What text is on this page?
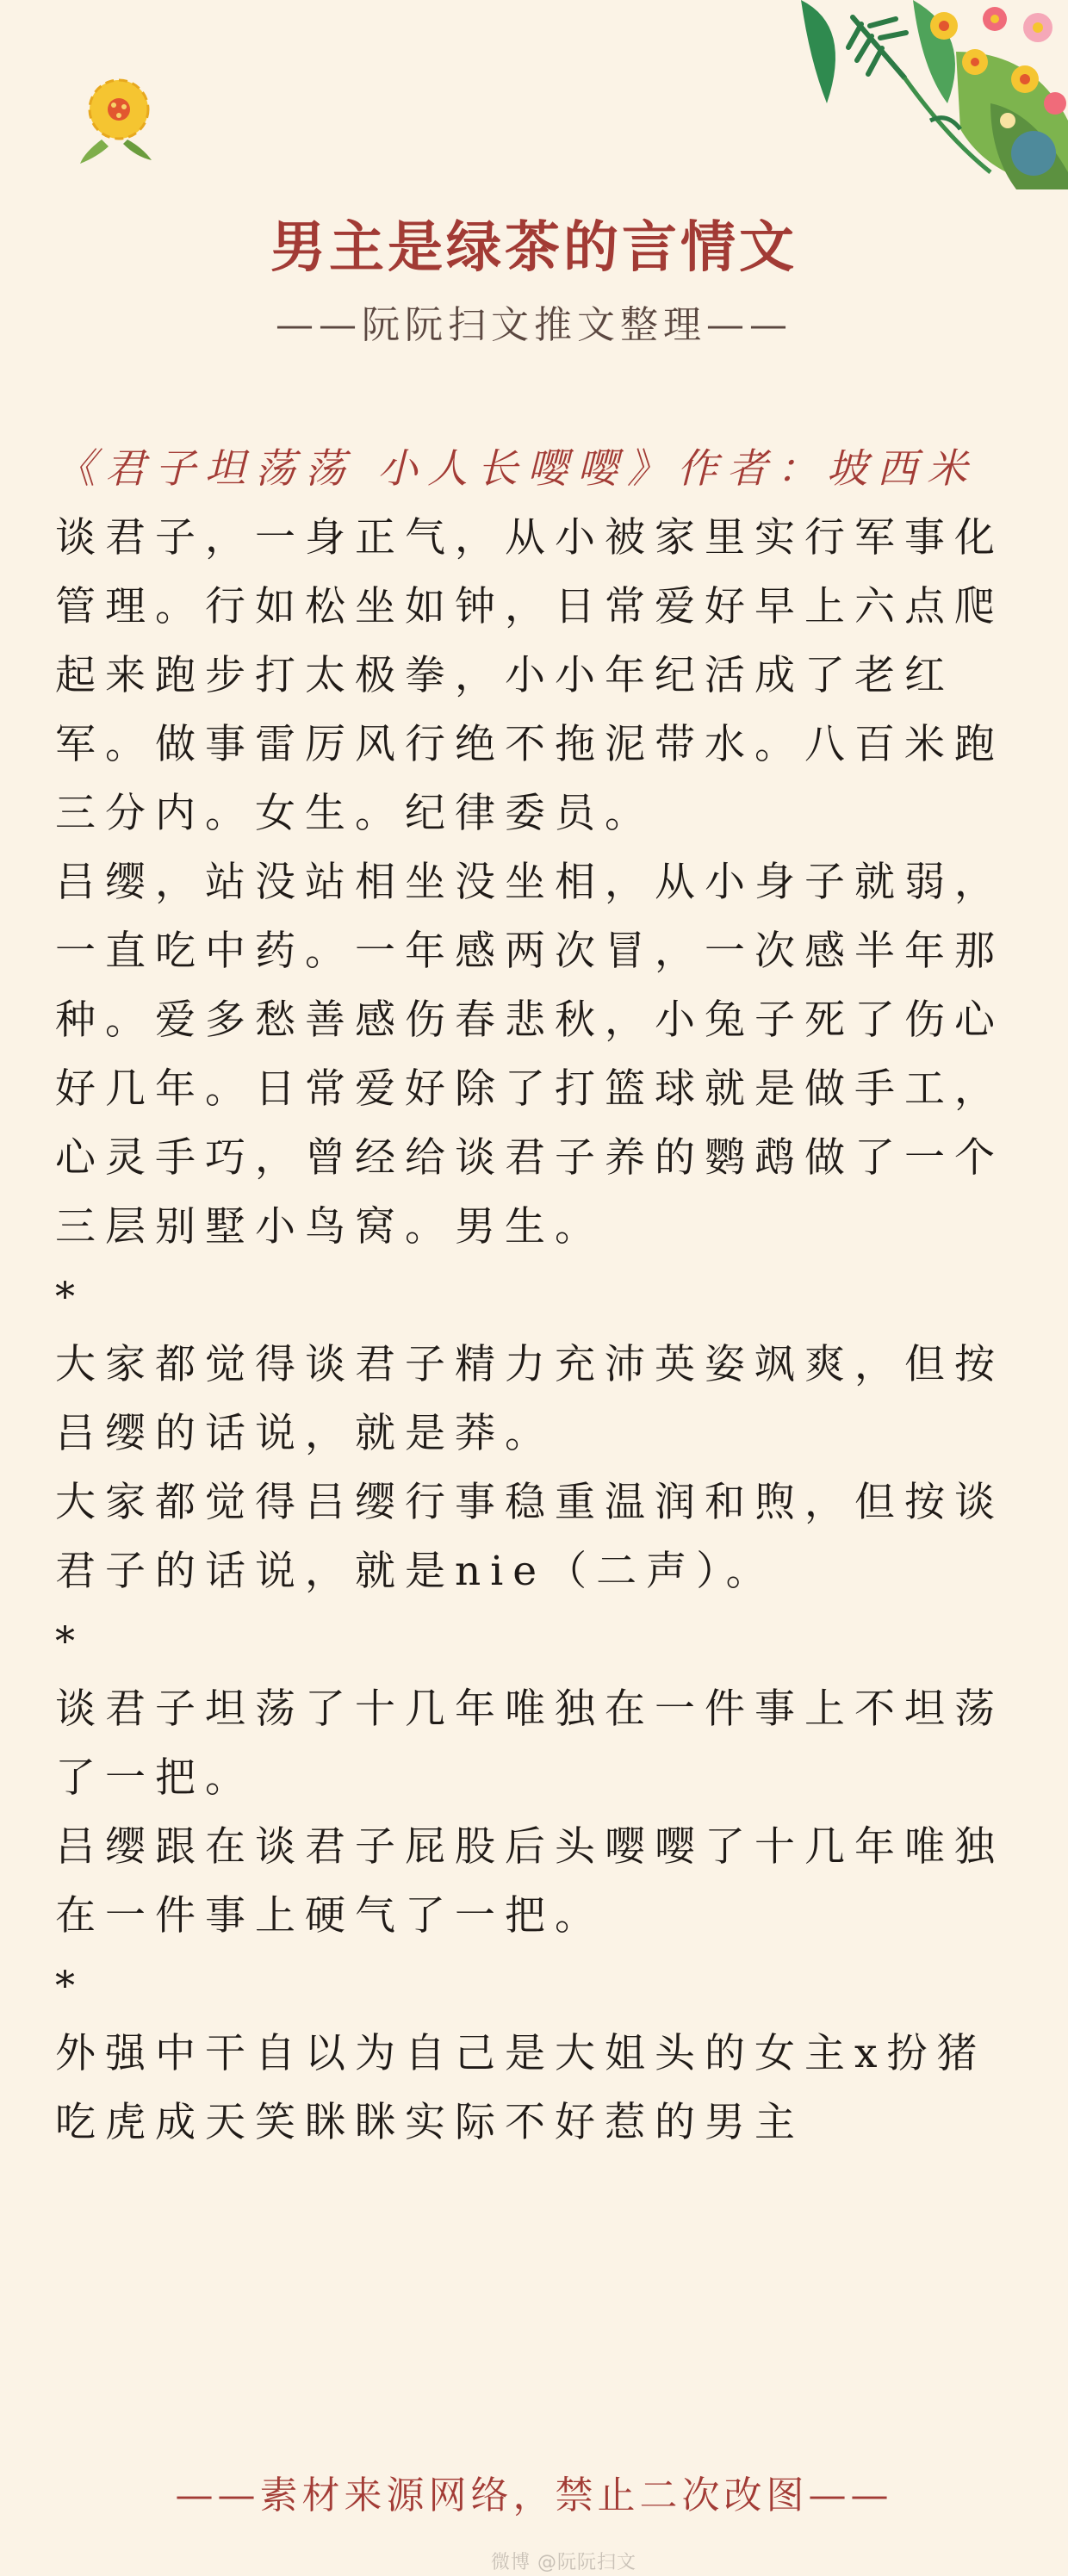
男主是绿茶的言情文
——阮阮扫文推文整理——

《君子坦荡荡 小人长嘤嘤》作者：坡西米

谈君子，一身正气，从小被家里实行军事化管理。行如松坐如钟，日常爱好早上六点爬起来跑步打太极拳，小小年纪活成了老红军。做事雷厉风行绝不拖泥带水。八百米跑三分内。女生。纪律委员。

吕缨，站没站相坐没坐相，从小身子就弱，一直吃中药。一年感两次冒，一次感半年那种。爱多愁善感伤春悲秋，小兔子死了伤心好几年。日常爱好除了打篮球就是做手工，心灵手巧，曾经给谈君子养的鹦鹉做了一个三层别墅小鸟窝。男生。

*

大家都觉得谈君子精力充沛英姿飒爽，但按吕缨的话说，就是莽。

大家都觉得吕缨行事稳重温润和煦，但按谈君子的话说，就是nie（二声）。

*

谈君子坦荡了十几年唯独在一件事上不坦荡了一把。

吕缨跟在谈君子屁股后头嘤嘤了十几年唯独在一件事上硬气了一把。

*

外强中干自以为自己是大姐头的女主x扮猪吃虎成天笑眯眯实际不好惹的男主

——素材来源网络，禁止二次改图——
微博 @阮阮扫文
